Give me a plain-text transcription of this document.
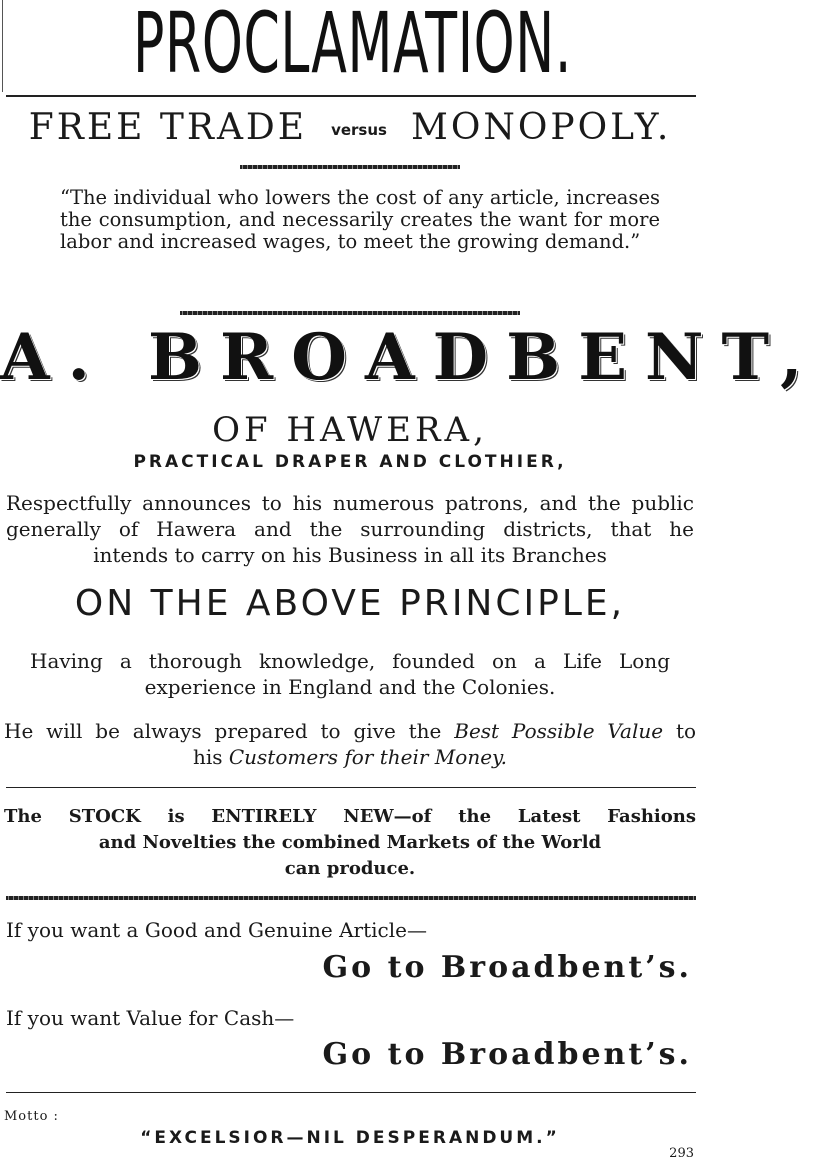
PROCLAMATION.
FREE TRADE versus MONOPOLY.
“The individual who lowers the cost of any article, increases the consumption, and necessarily creates the want for more labor and increased wages, to meet the growing demand.”
A. BROADBENT,
OF HAWERA,
PRACTICAL DRAPER AND CLOTHIER,
Respectfully announces to his numerous patrons, and the public
generally of Hawera and the surrounding districts, that he
intends to carry on his Business in all its Branches
ON THE ABOVE PRINCIPLE,
Having a thorough knowledge, founded on a Life Long
experience in England and the Colonies.
He will be always prepared to give the Best Possible Value to
his Customers for their Money.
The STOCK is ENTIRELY NEW—of the Latest Fashions
and Novelties the combined Markets of the World
can produce.
If you want a Good and Genuine Article—
Go to Broadbent’s.
If you want Value for Cash—
Go to Broadbent’s.
Motto :
“EXCELSIOR—NIL DESPERANDUM.”
293
